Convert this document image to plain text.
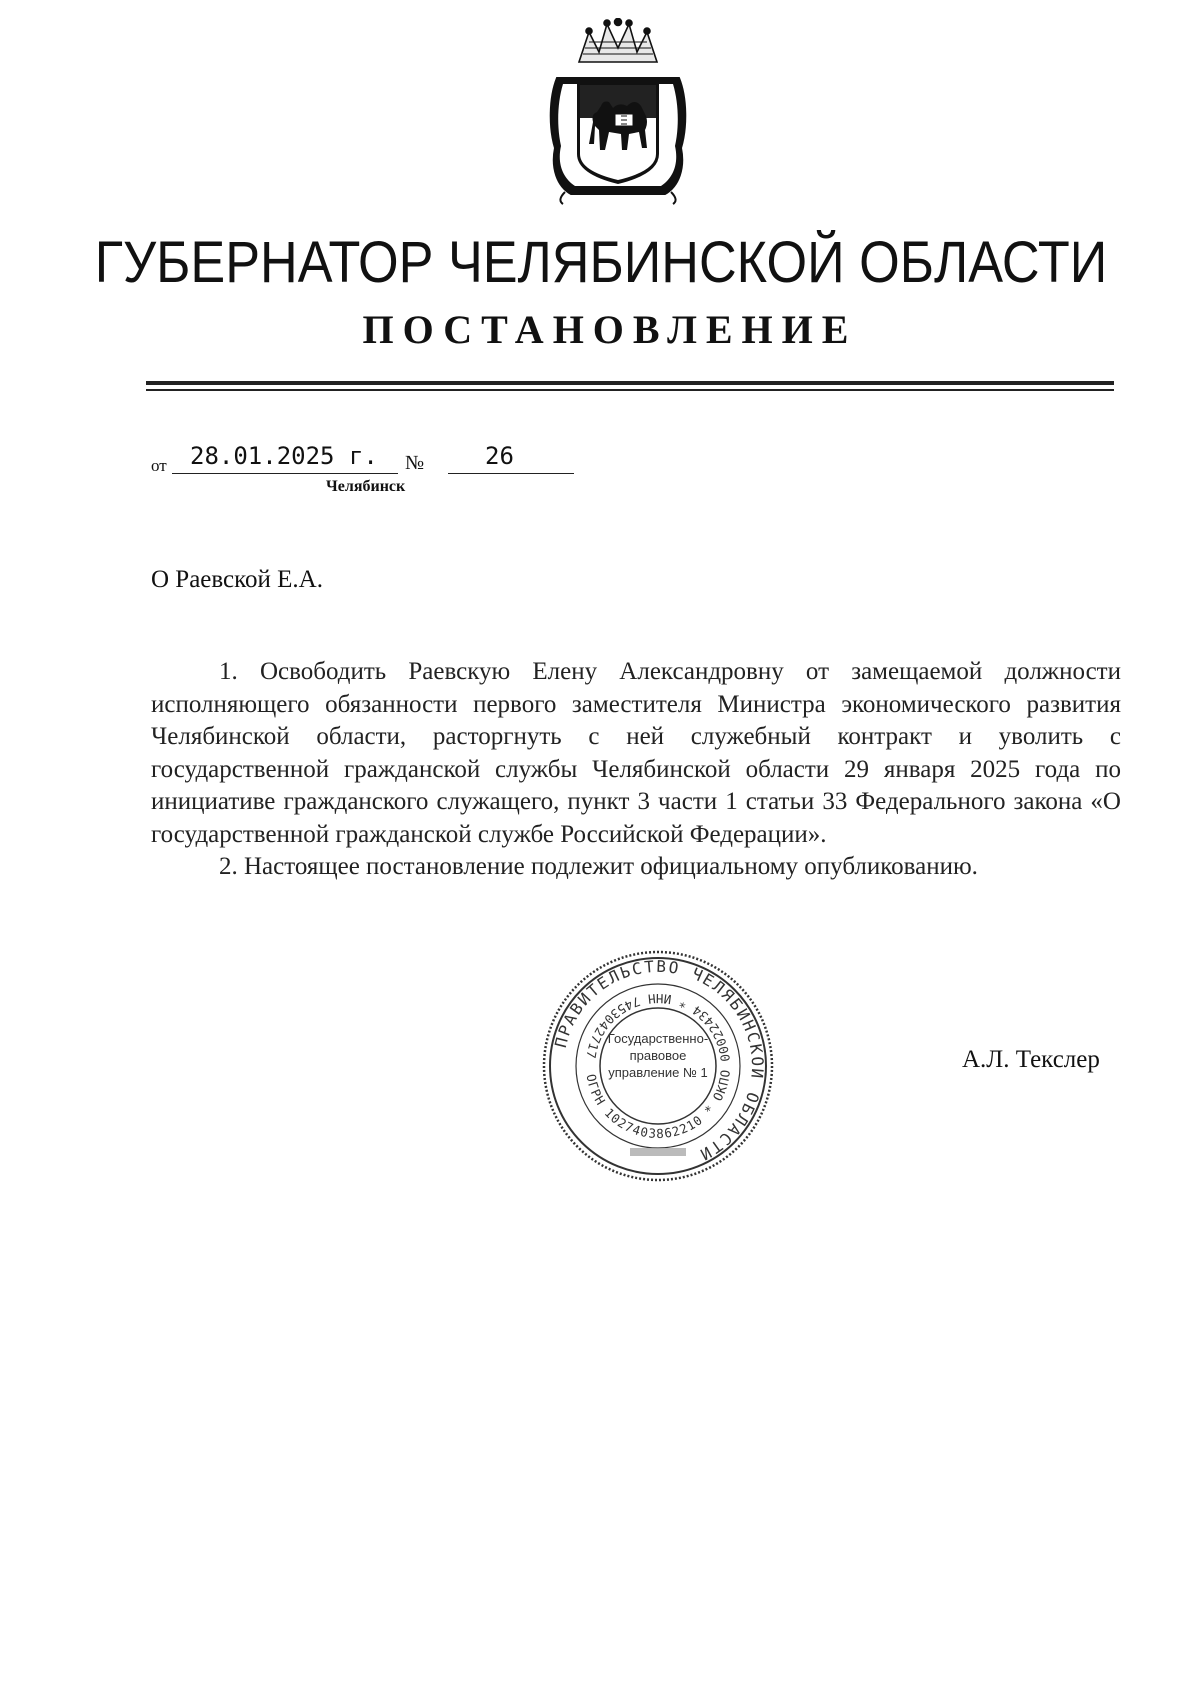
ГУБЕРНАТОР ЧЕЛЯБИНСКОЙ ОБЛАСТИ
ПОСТАНОВЛЕНИЕ
от 28.01.2025 г. №	26
Челябинск
О Раевской Е.А.

1. Освободить Раевскую Елену Александровну от замещаемой должности исполняющего обязанности первого заместителя Министра экономического развития Челябинской области, расторгнуть с ней служебный контракт и уволить с государственной гражданской службы Челябинской области 29 января 2025 года по инициативе гражданского служащего, пункт 3 части 1 статьи 33 Федерального закона «О государственной гражданской службе Российской Федерации».

2. Настоящее постановление подлежит официальному опубликованию.

ПРАВИТЕЛЬСТВО ЧЕЛЯБИНСКОЙ ОБЛАСТИ
ОГРН 1027403862210 * ОКПО 00022434 * ИНН 7453042717
Государственно-правовое управление № 1	А.Л. Текслер
